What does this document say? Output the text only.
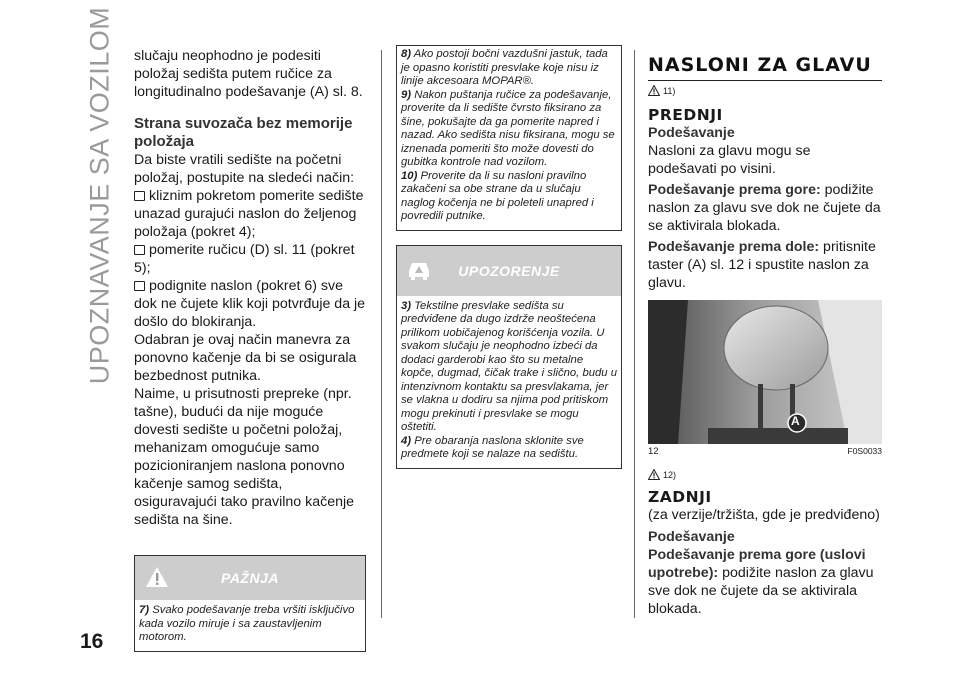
UPOZNAVANJE SA VOZILOM
16

slučaju neophodno je podesiti položaj sedišta putem ručice za longitudinalno podešavanje (A) sl. 8.

Strana suvozača bez memorije položaja

Da biste vratili sedište na početni položaj, postupite na sledeći način:

kliznim pokretom pomerite sedište unazad gurajući naslon do željenog položaja (pokret 4);

pomerite ručicu (D) sl. 11 (pokret 5);

podignite naslon (pokret 6) sve dok ne čujete klik koji potvrđuje da je došlo do blokiranja.

Odabran je ovaj način manevra za ponovno kačenje da bi se osigurala bezbednost putnika.

Naime, u prisutnosti prepreke (npr. tašne), budući da nije moguće dovesti sedište u početni položaj, mehanizam omogućuje samo pozicioniranjem naslona ponovno kačenje samog sedišta, osiguravajući tako pravilno kačenje sedišta na šine.

PAŽNJA
7) Svako podešavanje treba vršiti isključivo kada vozilo miruje i sa zaustavljenim motorom.

8) Ako postoji bočni vazdušni jastuk, tada je opasno koristiti presvlake koje nisu iz linije akcesoara MOPAR®.

9) Nakon puštanja ručice za podešavanje, proverite da li sedište čvrsto fiksirano za šine, pokušajte da ga pomerite napred i nazad. Ako sedišta nisu fiksirana, mogu se iznenada pomeriti što može dovesti do gubitka kontrole nad vozilom.

10) Proverite da li su nasloni pravilno zakačeni sa obe strane da u slučaju naglog kočenja ne bi poleteli unapred i povredili putnike.

UPOZORENJE

3) Tekstilne presvlake sedišta su predviđene da dugo izdrže neoštećena prilikom uobičajenog korišćenja vozila. U svakom slučaju je neophodno izbeći da dodaci garderobi kao što su metalne kopče, dugmad, čičak trake i slično, budu u intenzivnom kontaktu sa presvlakama, jer se vlakna u dodiru sa njima pod pritiskom mogu prekinuti i presvlake se mogu oštetiti.

4) Pre obaranja naslona sklonite sve predmete koji se nalaze na sedištu.

NASLONI ZA GLAVU
11)
PREDNJI

Podešavanje

Nasloni za glavu mogu se podešavati po visini.

Podešavanje prema gore: podižite naslon za glavu sve dok ne čujete da se aktivirala blokada.

Podešavanje prema dole: pritisnite taster (A) sl. 12 i spustite naslon za glavu.

A
12	F0S0033
12)
ZADNJI

(za verzije/tržišta, gde je predviđeno)

Podešavanje

Podešavanje prema gore (uslovi upotrebe): podižite naslon za glavu sve dok ne čujete da se aktivirala blokada.
